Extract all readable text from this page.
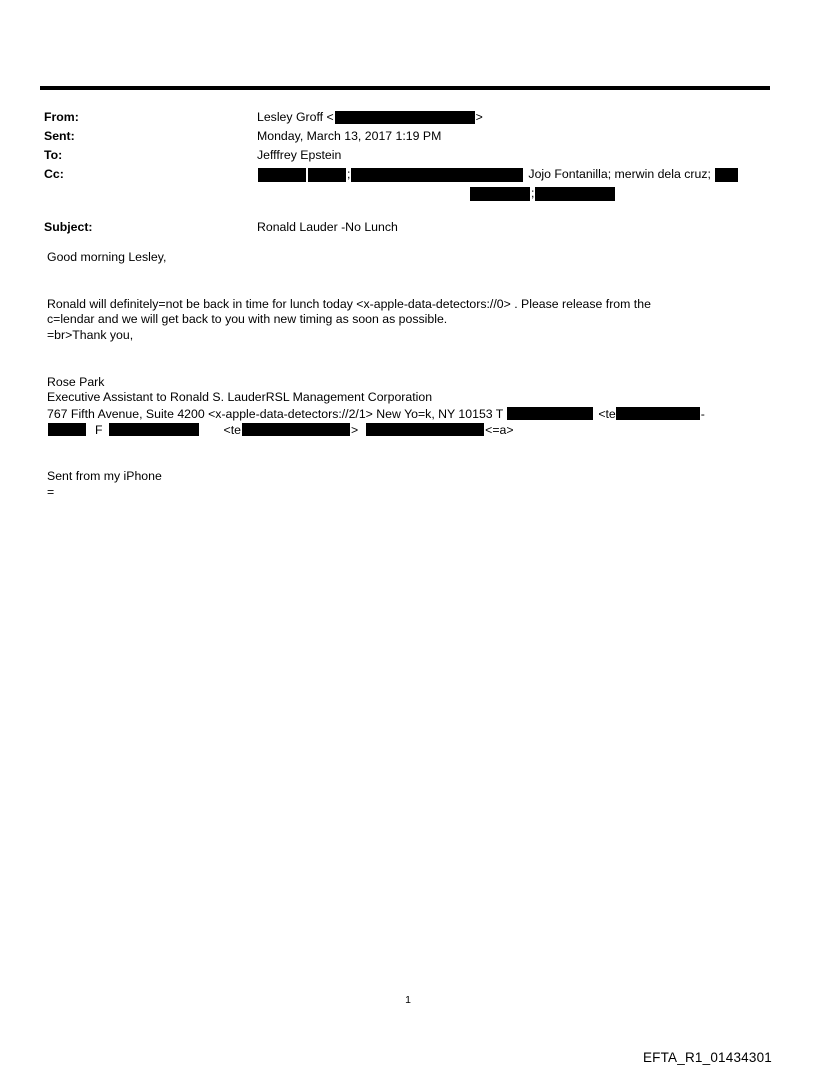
From:	Lesley Groff <	>
Sent:	Monday, March 13, 2017 1:19 PM
To:	Jefffrey Epstein
Cc:	;	Jojo Fontanilla; merwin dela cruz;
;
Subject:	Ronald Lauder -No Lunch
Good morning Lesley,
Ronald will definitely=not be back in time for lunch today <x-apple-data-detectors://0> . Please release from the
c=lendar and we will get back to you with new timing as soon as possible.
=br>Thank you,
Rose Park
Executive Assistant to Ronald S. LauderRSL Management Corporation
767 Fifth Avenue, Suite 4200 <x-apple-data-detectors://2/1> New Yo=k, NY 10153 T	<te	-
F	<te	>	<=a>
Sent from my iPhone
=
1
EFTA_R1_01434301
